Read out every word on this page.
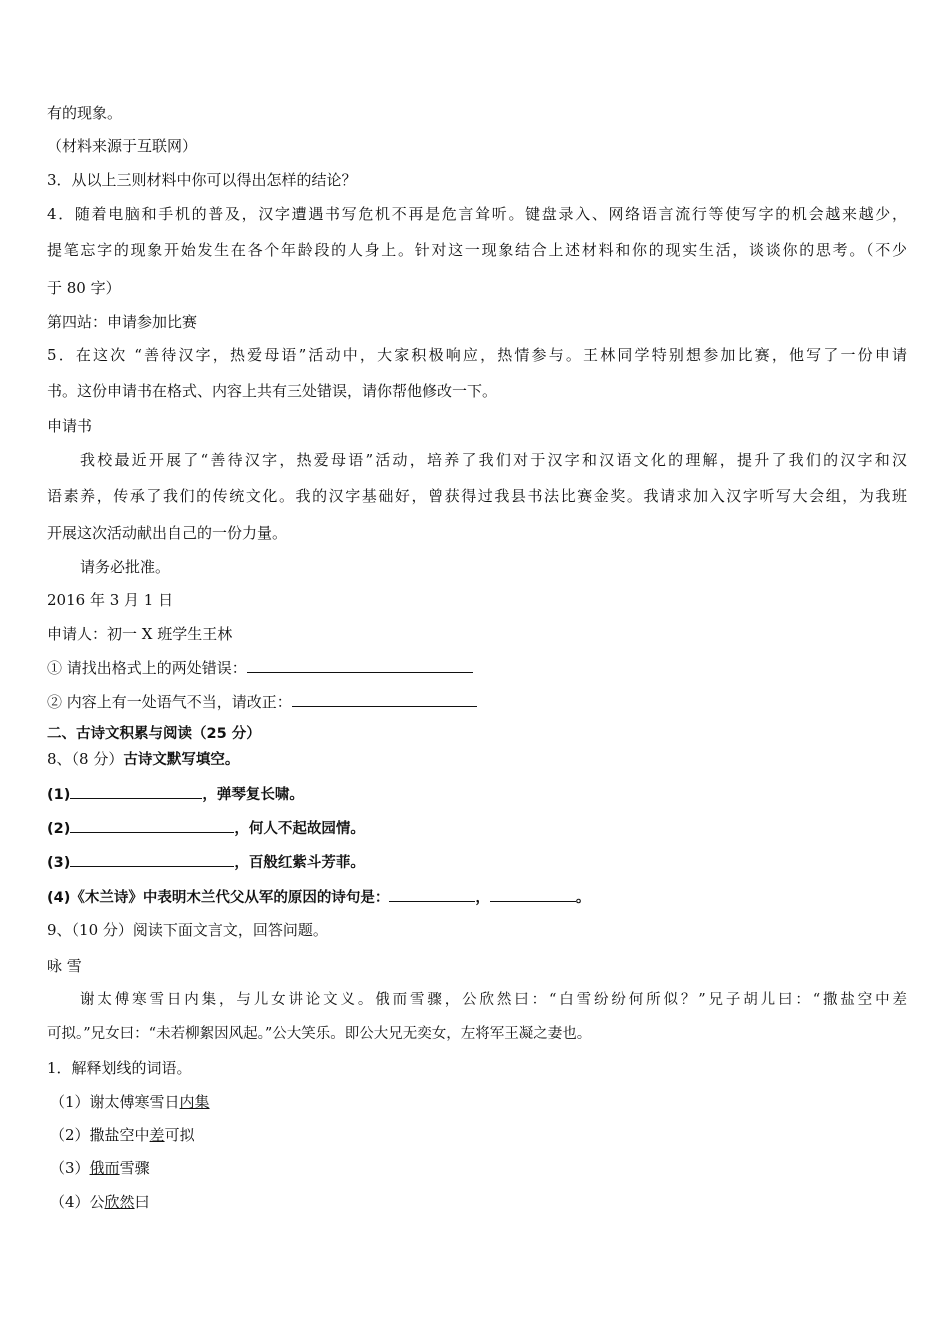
有的现象。
（材料来源于互联网）
3．从以上三则材料中你可以得出怎样的结论？
4．随着电脑和手机的普及，汉字遭遇书写危机不再是危言耸听。键盘录入、网络语言流行等使写字的机会越来越少，
提笔忘字的现象开始发生在各个年龄段的人身上。针对这一现象结合上述材料和你的现实生活，谈谈你的思考。（不少
于 80 字）
第四站：申请参加比赛
5．在这次 “善待汉字，热爱母语”活动中，大家积极响应，热情参与。王林同学特别想参加比赛，他写了一份申请
书。这份申请书在格式、内容上共有三处错误，请你帮他修改一下。
申请书
我校最近开展了“善待汉字，热爱母语”活动，培养了我们对于汉字和汉语文化的理解，提升了我们的汉字和汉
语素养，传承了我们的传统文化。我的汉字基础好，曾获得过我县书法比赛金奖。我请求加入汉字听写大会组，为我班
开展这次活动献出自己的一份力量。
请务必批准。
2016 年 3 月 1 日
申请人：初一 X 班学生王林
① 请找出格式上的两处错误：
② 内容上有一处语气不当，请改正：
二、古诗文积累与阅读（25 分）
8、（8 分）古诗文默写填空。
(1)	，弹琴复长啸。
(2)	，何人不起故园情。
(3)	，百般红紫斗芳菲。
(4)《木兰诗》中表明木兰代父从军的原因的诗句是：	，	。
9、（10 分）阅读下面文言文，回答问题。
咏 雪
谢太傅寒雪日内集，与儿女讲论文义。俄而雪骤，公欣然曰：“白雪纷纷何所似？”兄子胡儿曰：“撒盐空中差
可拟。”兄女曰：“未若柳絮因风起。”公大笑乐。即公大兄无奕女，左将军王凝之妻也。
1．解释划线的词语。
（1）谢太傅寒雪日内集
（2）撒盐空中差可拟
（3）俄而雪骤
（4）公欣然曰
